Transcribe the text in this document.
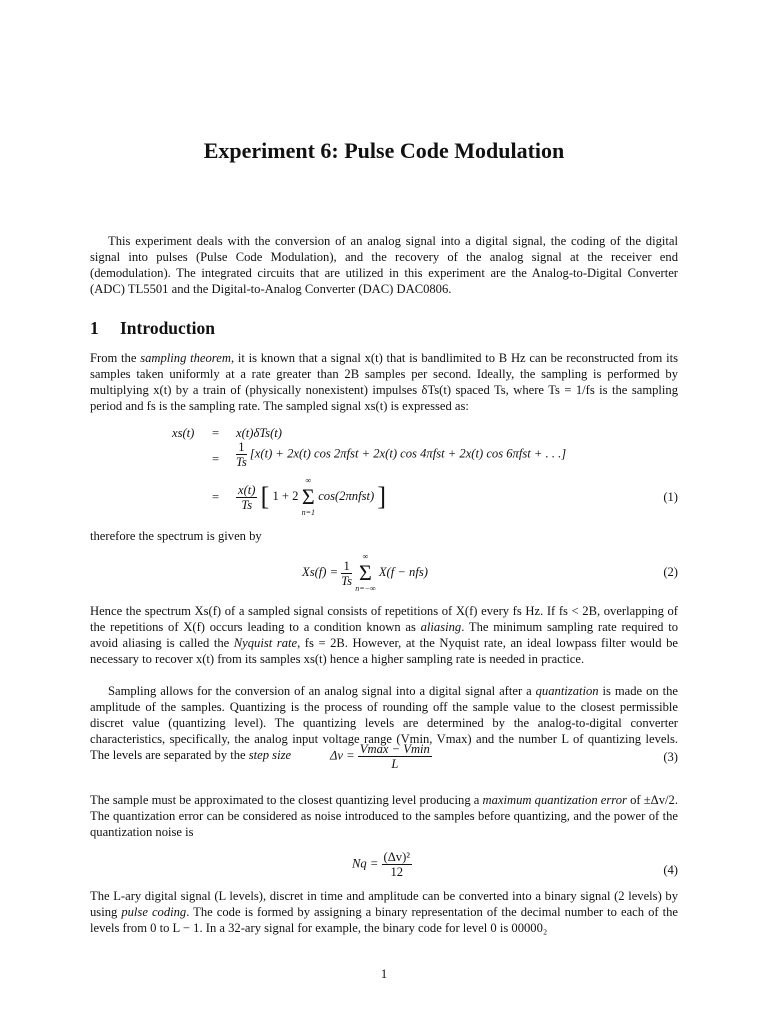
Experiment 6: Pulse Code Modulation

This experiment deals with the conversion of an analog signal into a digital signal, the coding of the digital signal into pulses (Pulse Code Modulation), and the recovery of the analog signal at the receiver end (demodulation). The integrated circuits that are utilized in this experiment are the Analog-to-Digital Converter (ADC) TL5501 and the Digital-to-Analog Converter (DAC) DAC0806.

1 Introduction

From the sampling theorem, it is known that a signal x(t) that is bandlimited to B Hz can be reconstructed from its samples taken uniformly at a rate greater than 2B samples per second. Ideally, the sampling is performed by multiplying x(t) by a train of (physically nonexistent) impulses δTs(t) spaced Ts, where Ts = 1/fs is the sampling period and fs is the sampling rate. The sampled signal xs(t) is expressed as:

xs(t) = x(t)δTs(t)
= $\frac{1}{Ts} [x(t) + 2x(t)$ cos 2πfst + 2x(t) cos 4πfst + 2x(t) cos 6πfst + . . .]
= $\frac{x(t)}{Ts}$ [ 1 + 2
∞
Σ
n=1
cos(2πnfst) ]	(1)

therefore the spectrum is given by

$Xs(f) = \frac{1}{Ts}$

∞
Σ
n=−∞
X(f − nfs)	(2)

Hence the spectrum Xs(f) of a sampled signal consists of repetitions of X(f) every fs Hz. If fs < 2B, overlapping of the repetitions of X(f) occurs leading to a condition known as aliasing. The minimum sampling rate required to avoid aliasing is called the Nyquist rate, fs = 2B. However, at the Nyquist rate, an ideal lowpass filter would be necessary to recover x(t) from its samples xs(t) hence a higher sampling rate is needed in practice.

Sampling allows for the conversion of an analog signal into a digital signal after a quantization is made on the amplitude of the samples. Quantizing is the process of rounding off the sample value to the closest permissible discret value (quantizing level). The quantizing levels are determined by the analog-to-digital converter characteristics, specifically, the analog input voltage range (Vmin, Vmax) and the number L of quantizing levels. The levels are separated by the step size	$\Delta v = \frac{Vmax - Vmin}{L}$	(3)

The sample must be approximated to the closest quantizing level producing a maximum quantization error of ±Δv/2. The quantization error can be considered as noise introduced to the samples before quantizing, and the power of the quantization noise is

$Nq = \frac{\text{(Δv)²}}{12}$	(4)

The L-ary digital signal (L levels), discret in time and amplitude can be converted into a binary signal (2 levels) by using pulse coding. The code is formed by assigning a binary representation of the decimal number to each of the levels from 0 to L − 1. In a 32-ary signal for example, the binary code for level 0 is 00000₂

1
